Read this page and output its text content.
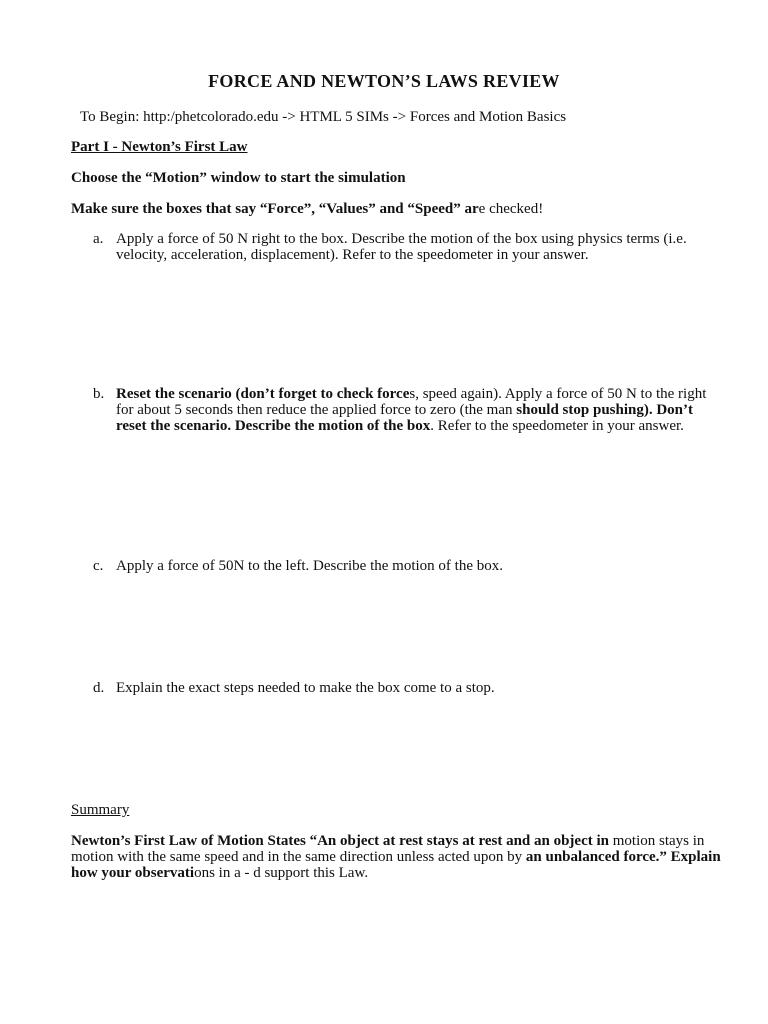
FORCE AND NEWTON’S LAWS REVIEW
To Begin: http:/phetcolorado.edu -> HTML 5 SIMs -> Forces and Motion Basics
Part I - Newton’s First Law
Choose the “Motion” window to start the simulation
Make sure the boxes that say “Force”, “Values” and “Speed” are checked!
a. Apply a force of 50 N right to the box. Describe the motion of the box using physics terms (i.e. velocity, acceleration, displacement). Refer to the speedometer in your answer.
b. Reset the scenario (don’t forget to check forces, speed again). Apply a force of 50 N to the right for about 5 seconds then reduce the applied force to zero (the man should stop pushing). Don’t reset the scenario. Describe the motion of the box. Refer to the speedometer in your answer.
c. Apply a force of 50N to the left. Describe the motion of the box.
d. Explain the exact steps needed to make the box come to a stop.
Summary
Newton’s First Law of Motion States “An object at rest stays at rest and an object in motion stays in motion with the same speed and in the same direction unless acted upon by an unbalanced force.” Explain how your observations in a - d support this Law.
